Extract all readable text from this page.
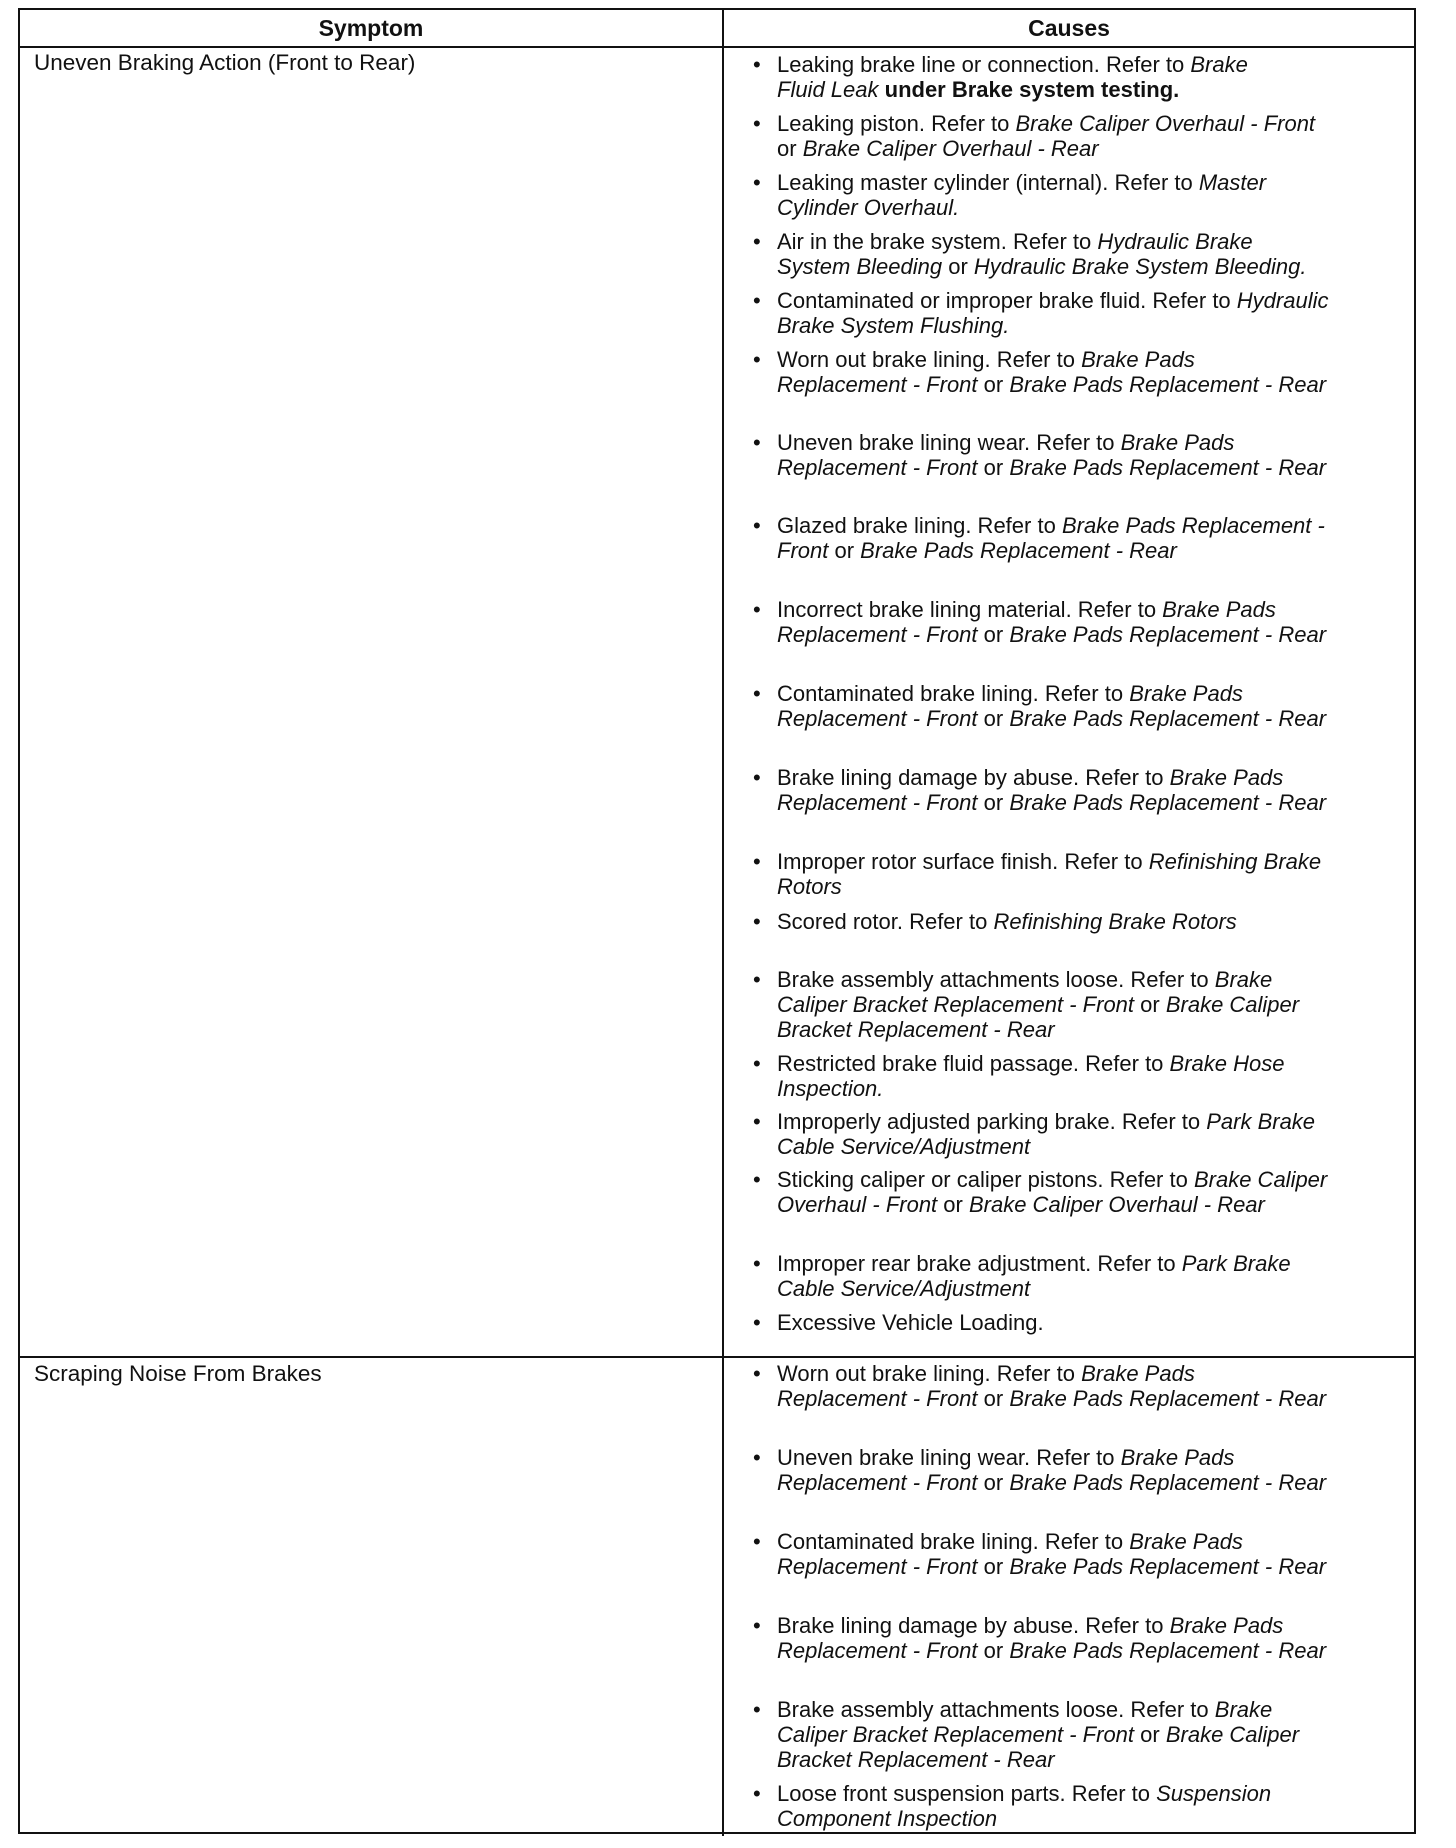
Symptom	Causes
Uneven Braking Action (Front to Rear)	• Leaking brake line or connection. Refer to Brake
Fluid Leak under Brake system testing.
• Leaking piston. Refer to Brake Caliper Overhaul - Front
or Brake Caliper Overhaul - Rear
• Leaking master cylinder (internal). Refer to Master
Cylinder Overhaul.
• Air in the brake system. Refer to Hydraulic Brake
System Bleeding or Hydraulic Brake System Bleeding.
• Contaminated or improper brake fluid. Refer to Hydraulic
Brake System Flushing.
• Worn out brake lining. Refer to Brake Pads
Replacement - Front or Brake Pads Replacement - Rear
• Uneven brake lining wear. Refer to Brake Pads
Replacement - Front or Brake Pads Replacement - Rear
• Glazed brake lining. Refer to Brake Pads Replacement -
Front or Brake Pads Replacement - Rear
• Incorrect brake lining material. Refer to Brake Pads
Replacement - Front or Brake Pads Replacement - Rear
• Contaminated brake lining. Refer to Brake Pads
Replacement - Front or Brake Pads Replacement - Rear
• Brake lining damage by abuse. Refer to Brake Pads
Replacement - Front or Brake Pads Replacement - Rear
• Improper rotor surface finish. Refer to Refinishing Brake
Rotors
• Scored rotor. Refer to Refinishing Brake Rotors
• Brake assembly attachments loose. Refer to Brake
Caliper Bracket Replacement - Front or Brake Caliper
Bracket Replacement - Rear
• Restricted brake fluid passage. Refer to Brake Hose
Inspection.
• Improperly adjusted parking brake. Refer to Park Brake
Cable Service/Adjustment
• Sticking caliper or caliper pistons. Refer to Brake Caliper
Overhaul - Front or Brake Caliper Overhaul - Rear
• Improper rear brake adjustment. Refer to Park Brake
Cable Service/Adjustment
• Excessive Vehicle Loading.
Scraping Noise From Brakes	• Worn out brake lining. Refer to Brake Pads
Replacement - Front or Brake Pads Replacement - Rear
• Uneven brake lining wear. Refer to Brake Pads
Replacement - Front or Brake Pads Replacement - Rear
• Contaminated brake lining. Refer to Brake Pads
Replacement - Front or Brake Pads Replacement - Rear
• Brake lining damage by abuse. Refer to Brake Pads
Replacement - Front or Brake Pads Replacement - Rear
• Brake assembly attachments loose. Refer to Brake
Caliper Bracket Replacement - Front or Brake Caliper
Bracket Replacement - Rear
• Loose front suspension parts. Refer to Suspension
Component Inspection
